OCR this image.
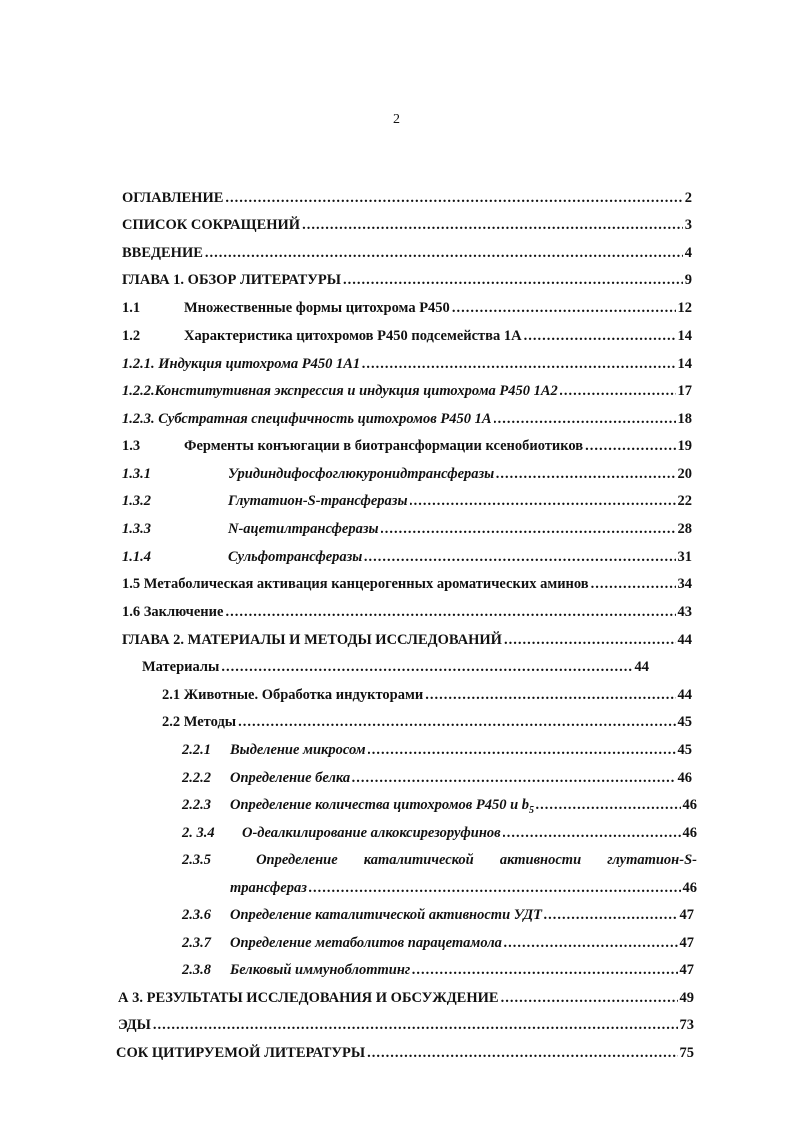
2
ОГЛАВЛЕНИЕ .....	2
СПИСОК СОКРАЩЕНИЙ .....	3
ВВЕДЕНИЕ .....	4
ГЛАВА 1. ОБЗОР ЛИТЕРАТУРЫ .....	9
1.1	Множественные формы цитохрома Р450 .....	12
1.2	Характеристика цитохромов Р450 подсемейства 1А .....	14
1.2.1. Индукция цитохрома Р450 1А1 .....	14
1.2.2.Конститутивная экспрессия и индукция цитохрома Р450 1А2 .....	17
1.2.3. Субстратная специфичность цитохромов Р450 1А .....	18
1.3	Ферменты конъюгации в биотрансформации ксенобиотиков .....	19
1.3.1	Уридиндифосфоглюкуронидтрансферазы .....	20
1.3.2	Глутатион-S-трансферазы .....	22
1.3.3	N-ацетилтрансферазы .....	28
1.1.4	Сульфотрансферазы .....	31
1.5 Метаболическая активация канцерогенных ароматических аминов .....	34
1.6 Заключение .....	43
ГЛАВА 2. МАТЕРИАЛЫ И МЕТОДЫ ИССЛЕДОВАНИЙ .....	44
Материалы .....	44
2.1 Животные. Обработка индукторами .....	44
2.2 Методы .....	45
2.2.1	Выделение микросом .....	45
2.2.2	Определение белка .....	46
2.2.3	Определение количества цитохромов Р450 и $b_5$ .....	46
2. 3.4	О-деалкилирование алкоксирезоруфинов .....	46
2.3.5	Определение каталитической активности глутатион-S-
трансфераз .....	46
2.3.6	Определение каталитической активности УДТ .....	47
2.3.7	Определение метаболитов парацетамола .....	47
2.3.8	Белковый иммуноблоттинг .....	47
А 3. РЕЗУЛЬТАТЫ ИССЛЕДОВАНИЯ И ОБСУЖДЕНИЕ .....	49
ЭДЫ .....	73
СОК ЦИТИРУЕМОЙ ЛИТЕРАТУРЫ .....	75
